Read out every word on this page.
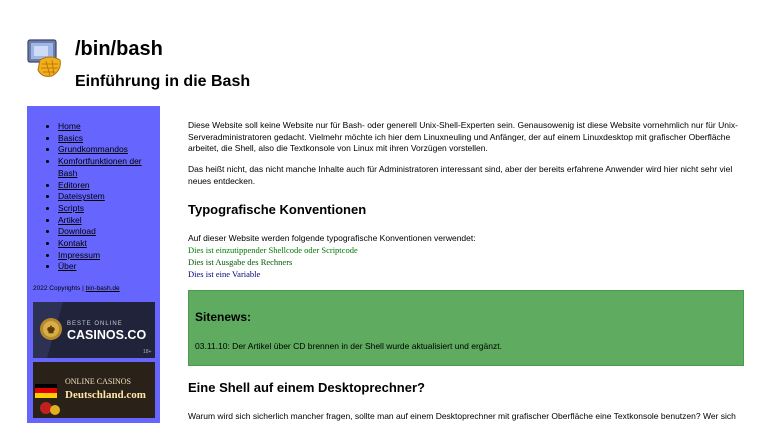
/bin/bash
Einführung in die Bash
• Home
• Basics
• Grundkommandos
• Komfortfunktionen der Bash
• Editoren
• Dateisystem
• Scripts
• Artikel
• Download
• Kontakt
• Impressum
• Über
2022 Copyrights | bin-bash.de
♚
BESTE ONLINE
CASINOS.CO
18+
ONLINE CASINOS
Deutschland.com

Diese Website soll keine Website nur für Bash- oder generell Unix-Shell-Experten sein. Genausowenig ist diese Website vornehmlich nur für Unix-Serveradministratoren gedacht. Vielmehr möchte ich hier dem Linuxneuling und Anfänger, der auf einem Linuxdesktop mit grafischer Oberfläche arbeitet, die Shell, also die Textkonsole von Linux mit ihren Vorzügen vorstellen.

Das heißt nicht, das nicht manche Inhalte auch für Administratoren interessant sind, aber der bereits erfahrene Anwender wird hier nicht sehr viel neues entdecken.

Typografische Konventionen

Auf dieser Website werden folgende typografische Konventionen verwendet:

Dies ist einzutippender Shellcode oder Scriptcode
Dies ist Ausgabe des Rechners
Dies ist eine Variable
Sitenews:

03.11.10: Der Artikel über CD brennen in der Shell wurde aktualisiert und ergänzt.

Eine Shell auf einem Desktoprechner?

Warum wird sich sicherlich mancher fragen, sollte man auf einem Desktoprechner mit grafischer Oberfläche eine Textkonsole benutzen? Wer sich
